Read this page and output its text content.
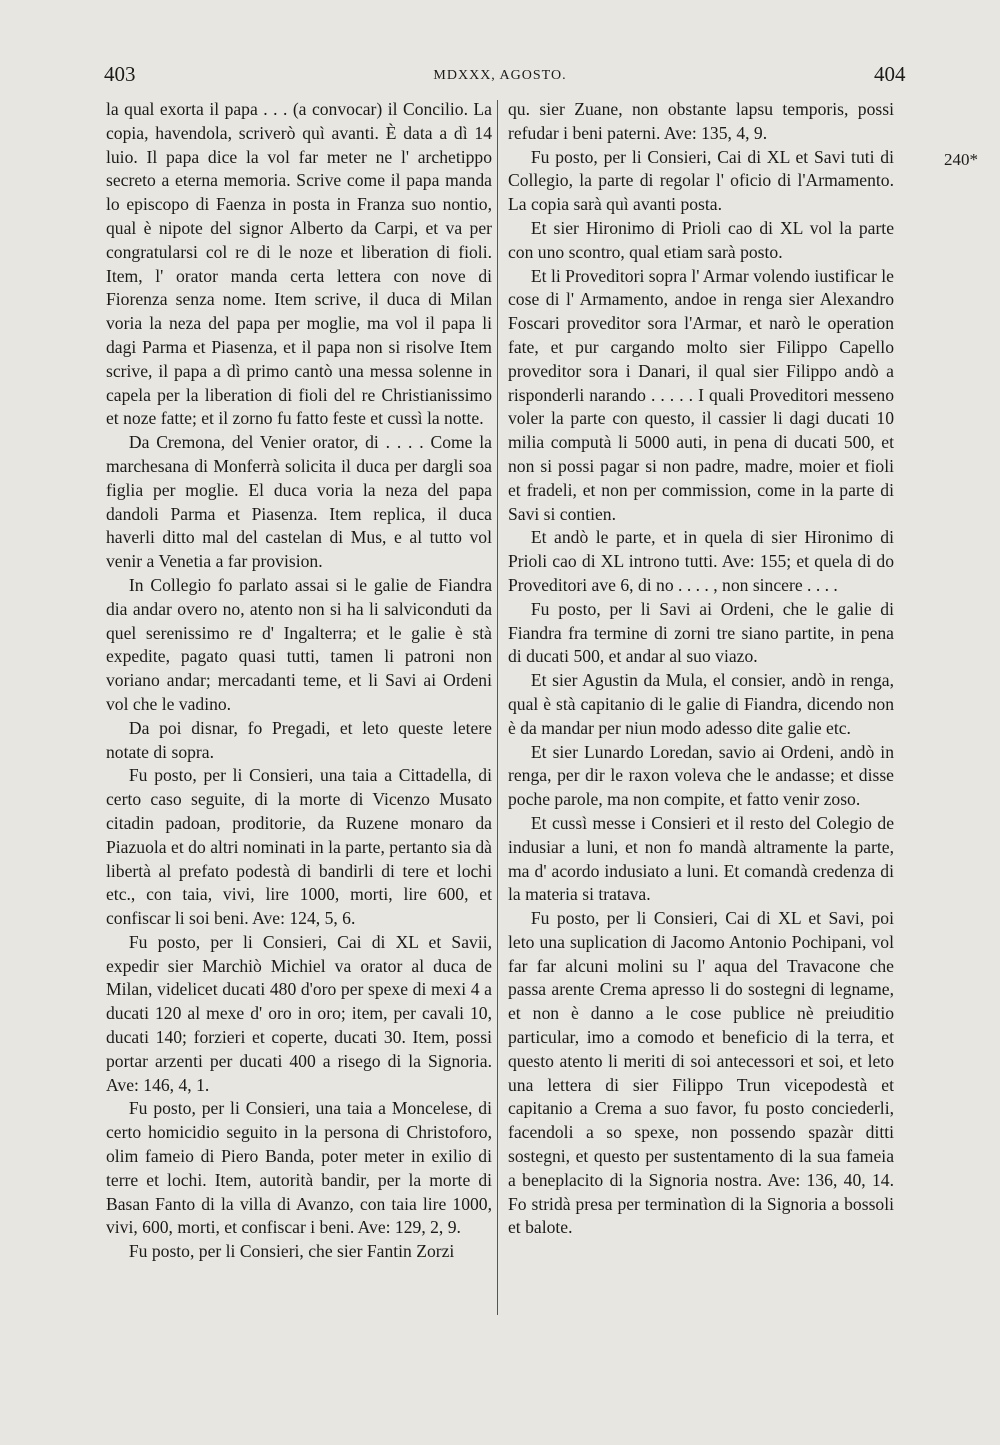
403	MDXXX, AGOSTO.	404

la qual exorta il papa . . . (a convocar) il Concilio. La copia, havendola, scriverò quì avanti. È data a dì 14 luio. Il papa dice la vol far meter ne l' archetippo secreto a eterna memoria. Scrive come il papa manda lo episcopo di Faenza in posta in Franza suo nontio, qual è nipote del signor Alberto da Carpi, et va per congratularsi col re di le noze et liberation di fioli. Item, l' orator manda certa lettera con nove di Fiorenza senza nome. Item scrive, il duca di Milan voria la neza del papa per moglie, ma vol il papa li dagi Parma et Piasenza, et il papa non si risolve Item scrive, il papa a dì primo cantò una messa solenne in capela per la liberation di fioli del re Christianissimo et noze fatte; et il zorno fu fatto feste et cussì la notte.

Da Cremona, del Venier orator, di . . . . Come la marchesana di Monferrà solicita il duca per dargli soa figlia per moglie. El duca voria la neza del papa dandoli Parma et Piasenza. Item replica, il duca haverli ditto mal del castelan di Mus, e al tutto vol venir a Venetia a far provision.

In Collegio fo parlato assai si le galie de Fiandra dia andar overo no, atento non si ha li salviconduti da quel serenissimo re d' Ingalterra; et le galie è stà expedite, pagato quasi tutti, tamen li patroni non voriano andar; mercadanti teme, et li Savi ai Ordeni vol che le vadino.

Da poi disnar, fo Pregadi, et leto queste letere notate di sopra.

Fu posto, per li Consieri, una taia a Cittadella, di certo caso seguite, di la morte di Vicenzo Musato citadin padoan, proditorie, da Ruzene monaro da Piazuola et do altri nominati in la parte, pertanto sia dà libertà al prefato podestà di bandirli di tere et lochi etc., con taia, vivi, lire 1000, morti, lire 600, et confiscar li soi beni. Ave: 124, 5, 6.

Fu posto, per li Consieri, Cai di XL et Savii, expedir sier Marchiò Michiel va orator al duca de Milan, videlicet ducati 480 d'oro per spexe di mexi 4 a ducati 120 al mexe d' oro in oro; item, per cavali 10, ducati 140; forzieri et coperte, ducati 30. Item, possi portar arzenti per ducati 400 a risego di la Signoria. Ave: 146, 4, 1.

Fu posto, per li Consieri, una taia a Moncelese, di certo homicidio seguito in la persona di Christoforo, olim fameio di Piero Banda, poter meter in exilio di terre et lochi. Item, autorità bandir, per la morte di Basan Fanto di la villa di Avanzo, con taia lire 1000, vivi, 600, morti, et confiscar i beni. Ave: 129, 2, 9.

Fu posto, per li Consieri, che sier Fantin Zorzi

qu. sier Zuane, non obstante lapsu temporis, possi refudar i beni paterni. Ave: 135, 4, 9.

Fu posto, per li Consieri, Cai di XL et Savi tuti di Collegio, la parte di regolar l' oficio di l'Armamento. La copia sarà quì avanti posta.

Et sier Hironimo di Prioli cao di XL vol la parte con uno scontro, qual etiam sarà posto.

Et li Proveditori sopra l' Armar volendo iustificar le cose di l' Armamento, andoe in renga sier Alexandro Foscari proveditor sora l'Armar, et narò le operation fate, et pur cargando molto sier Filippo Capello proveditor sora i Danari, il qual sier Filippo andò a risponderli narando . . . . . I quali Proveditori messeno voler la parte con questo, il cassier li dagi ducati 10 milia computà li 5000 auti, in pena di ducati 500, et non si possi pagar si non padre, madre, moier et fioli et fradeli, et non per commission, come in la parte di Savi si contien.

Et andò le parte, et in quela di sier Hironimo di Prioli cao di XL introno tutti. Ave: 155; et quela di do Proveditori ave 6, di no . . . . , non sincere . . . .

Fu posto, per li Savi ai Ordeni, che le galie di Fiandra fra termine di zorni tre siano partite, in pena di ducati 500, et andar al suo viazo.

Et sier Agustin da Mula, el consier, andò in renga, qual è stà capitanio di le galie di Fiandra, dicendo non è da mandar per niun modo adesso dite galie etc.

Et sier Lunardo Loredan, savio ai Ordeni, andò in renga, per dir le raxon voleva che le andasse; et disse poche parole, ma non compite, et fatto venir zoso.

Et cussì messe i Consieri et il resto del Colegio de indusiar a luni, et non fo mandà altramente la parte, ma d' acordo indusiato a luni. Et comandà credenza di la materia si tratava.

Fu posto, per li Consieri, Cai di XL et Savi, poi leto una suplication di Jacomo Antonio Pochipani, vol far far alcuni molini su l' aqua del Travacone che passa arente Crema apresso li do sostegni di legname, et non è danno a le cose publice nè preiuditio particular, imo a comodo et beneficio di la terra, et questo atento li meriti di soi antecessori et soi, et leto una lettera di sier Filippo Trun vicepodestà et capitanio a Crema a suo favor, fu posto conciederli, facendoli a so spexe, non possendo spazàr ditti sostegni, et questo per sustentamento di la sua fameia a beneplacito di la Signoria nostra. Ave: 136, 40, 14. Fo stridà presa per terminatìon di la Signoria a bossoli et balote.

240*
